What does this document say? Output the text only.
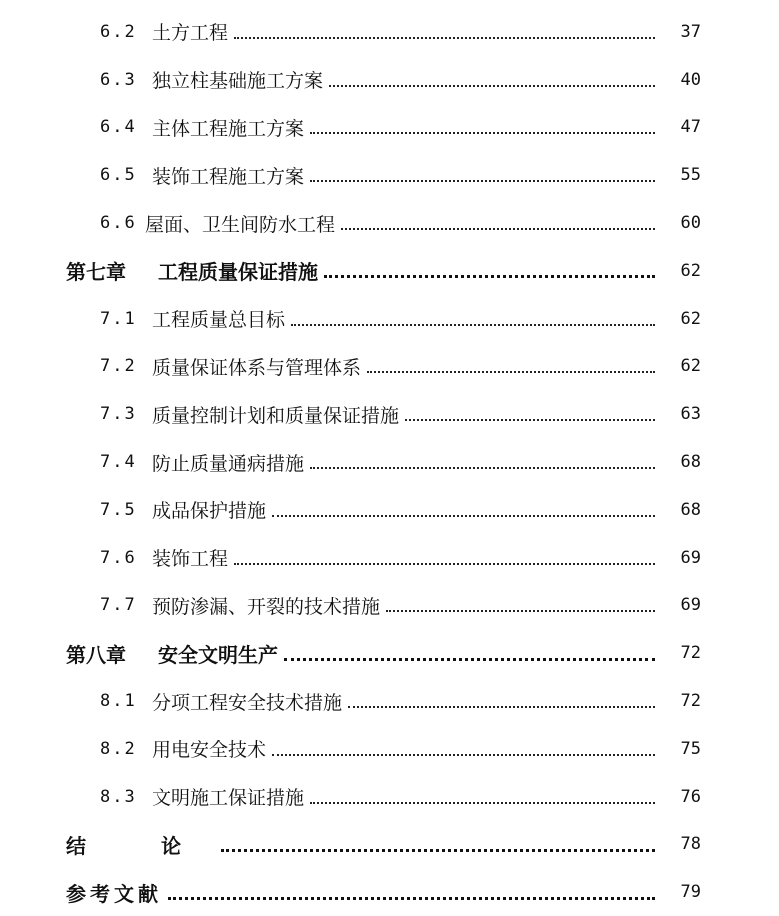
6.2 土方工程	37
6.3 独立柱基础施工方案	40
6.4 主体工程施工方案	47
6.5 装饰工程施工方案	55
6.6 屋面、卫生间防水工程	60
第七章	工程质量保证措施	62
7.1 工程质量总目标	62
7.2 质量保证体系与管理体系	62
7.3 质量控制计划和质量保证措施	63
7.4 防止质量通病措施	68
7.5 成品保护措施	68
7.6 装饰工程	69
7.7 预防渗漏、开裂的技术措施	69
第八章	安全文明生产	72
8.1 分项工程安全技术措施	72
8.2 用电安全技术	75
8.3 文明施工保证措施	76
结 论	78
参考文献	79
